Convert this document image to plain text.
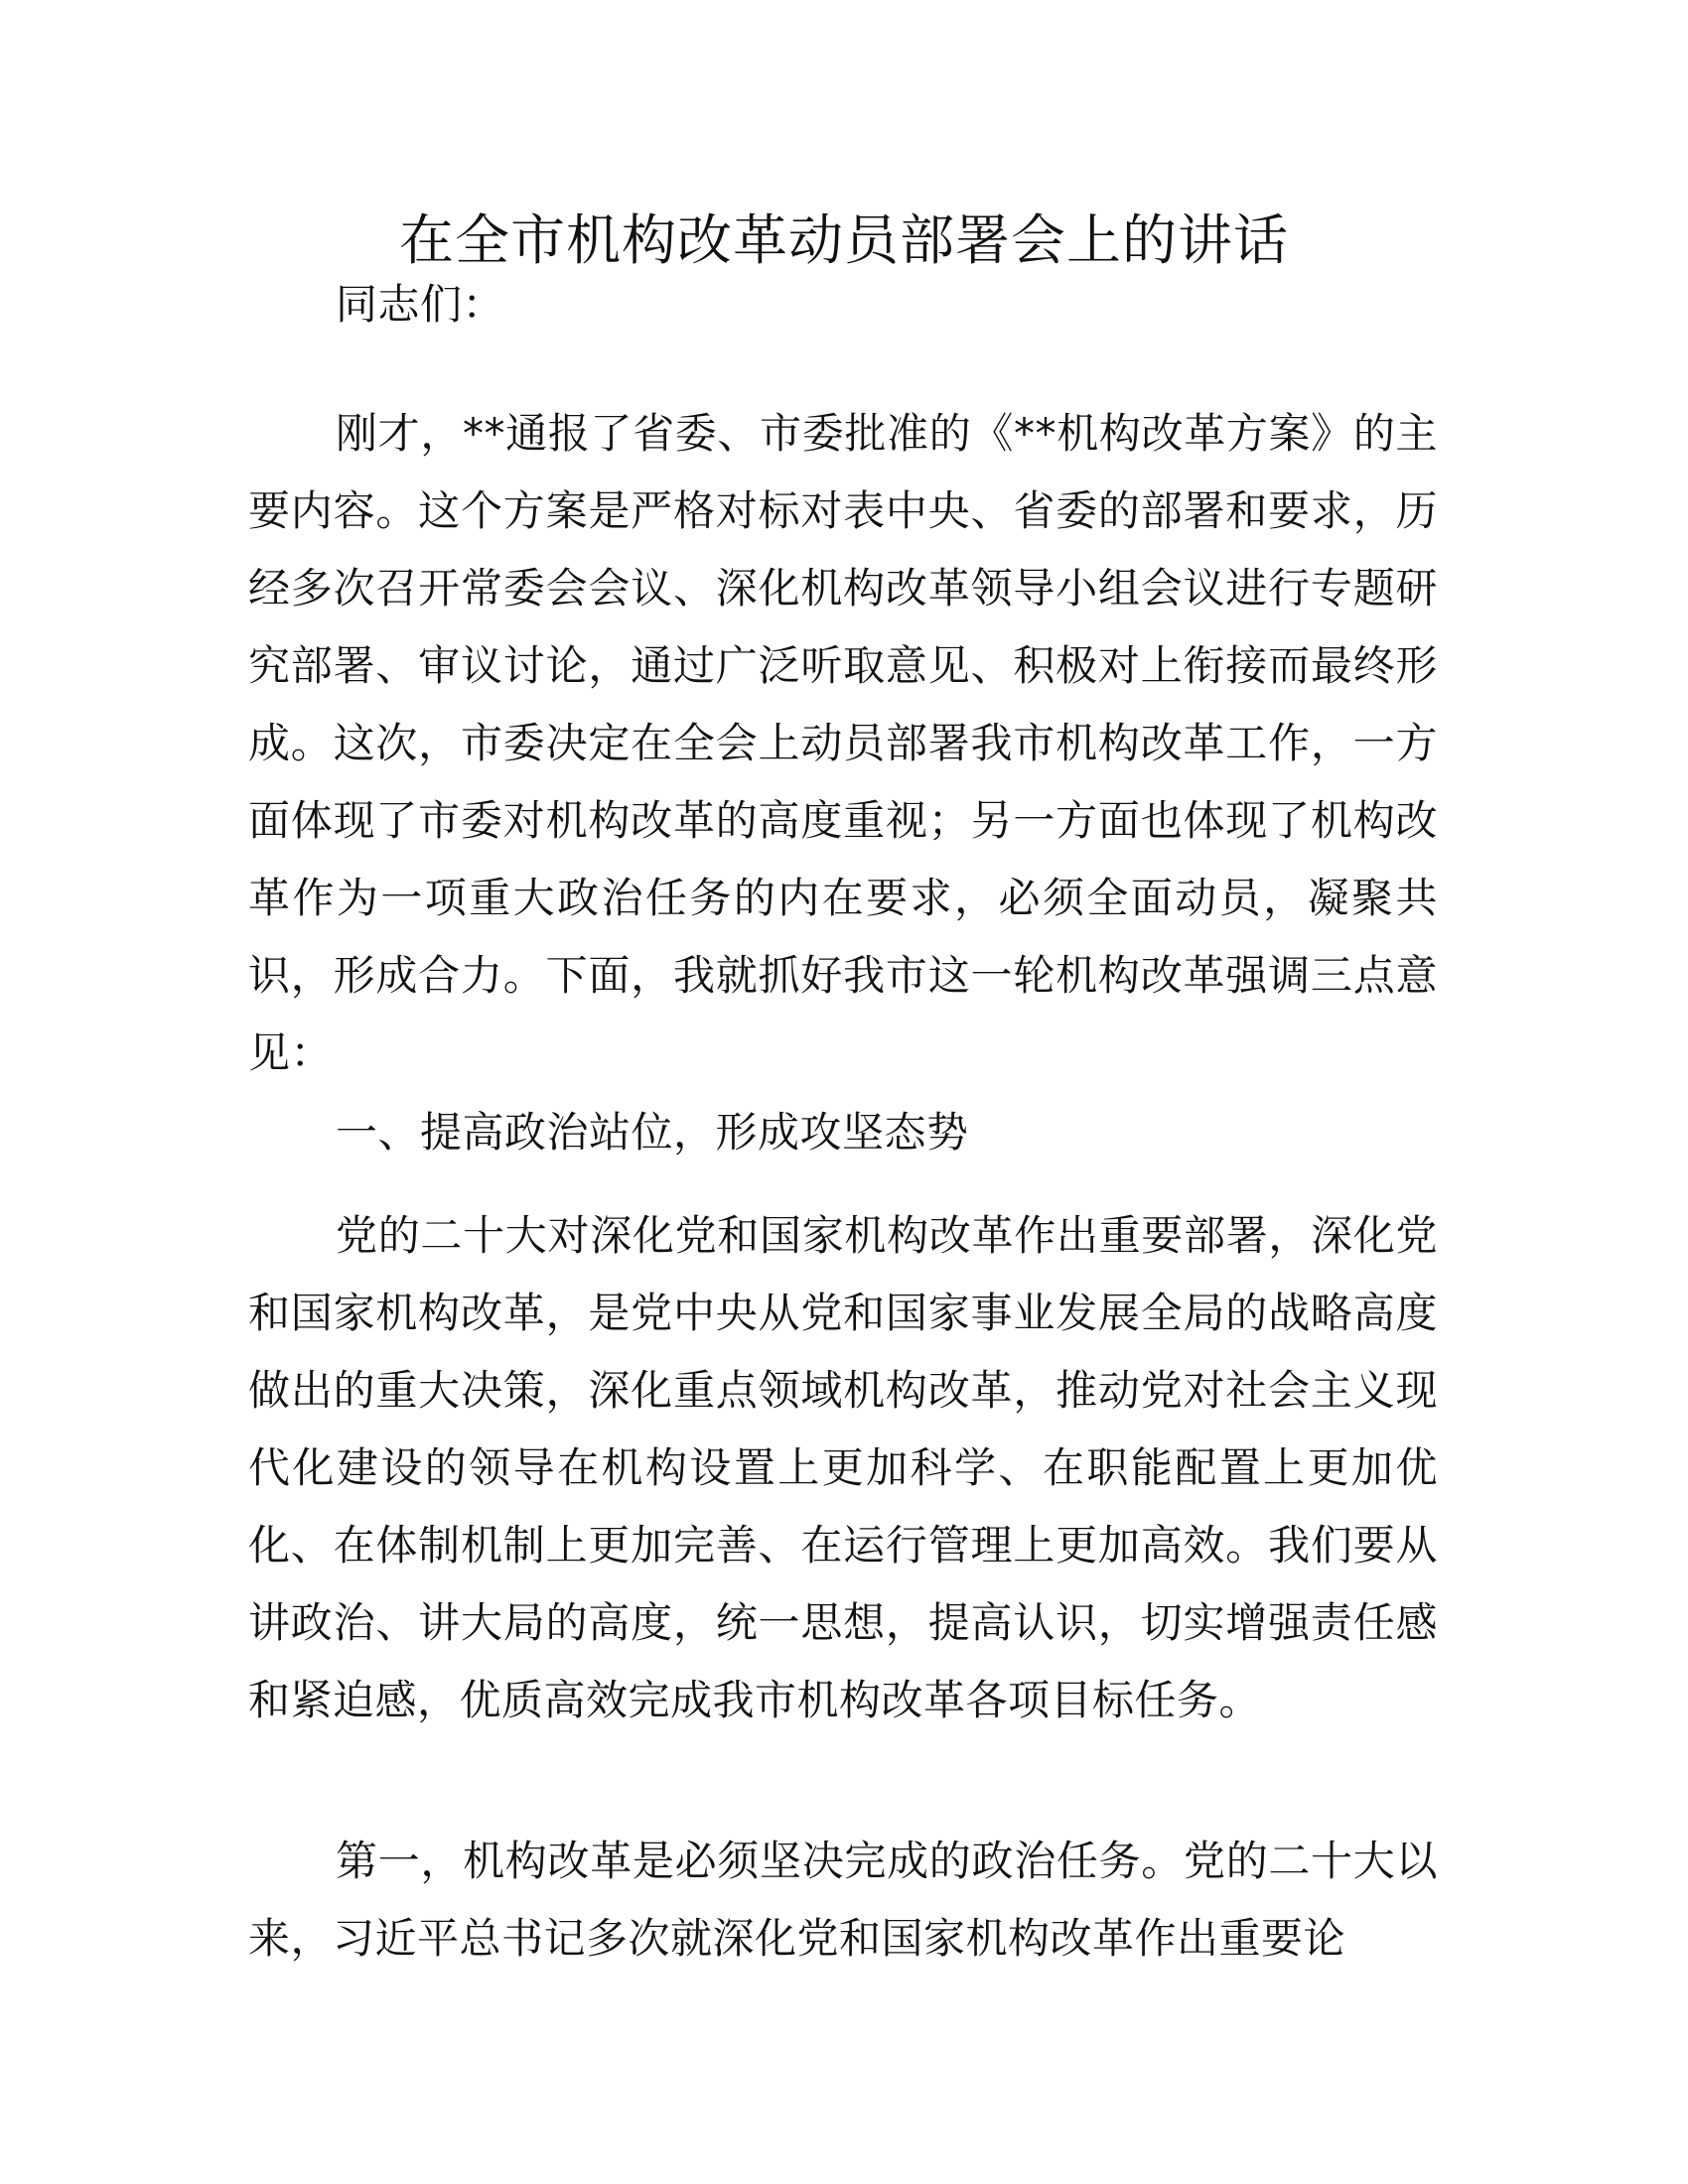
在全市机构改革动员部署会上的讲话

同志们：

刚才，**通报了省委、市委批准的《**机构改革方案》的主要内容。这个方案是严格对标对表中央、省委的部署和要求，历经多次召开常委会会议、深化机构改革领导小组会议进行专题研究部署、审议讨论，通过广泛听取意见、积极对上衔接而最终形成。这次，市委决定在全会上动员部署我市机构改革工作，一方面体现了市委对机构改革的高度重视；另一方面也体现了机构改革作为一项重大政治任务的内在要求，必须全面动员，凝聚共识，形成合力。下面，我就抓好我市这一轮机构改革强调三点意见：

一、提高政治站位，形成攻坚态势

党的二十大对深化党和国家机构改革作出重要部署，深化党和国家机构改革，是党中央从党和国家事业发展全局的战略高度做出的重大决策，深化重点领域机构改革，推动党对社会主义现代化建设的领导在机构设置上更加科学、在职能配置上更加优化、在体制机制上更加完善、在运行管理上更加高效。我们要从讲政治、讲大局的高度，统一思想，提高认识，切实增强责任感和紧迫感，优质高效完成我市机构改革各项目标任务。

第一，机构改革是必须坚决完成的政治任务。党的二十大以来，习近平总书记多次就深化党和国家机构改革作出重要论
